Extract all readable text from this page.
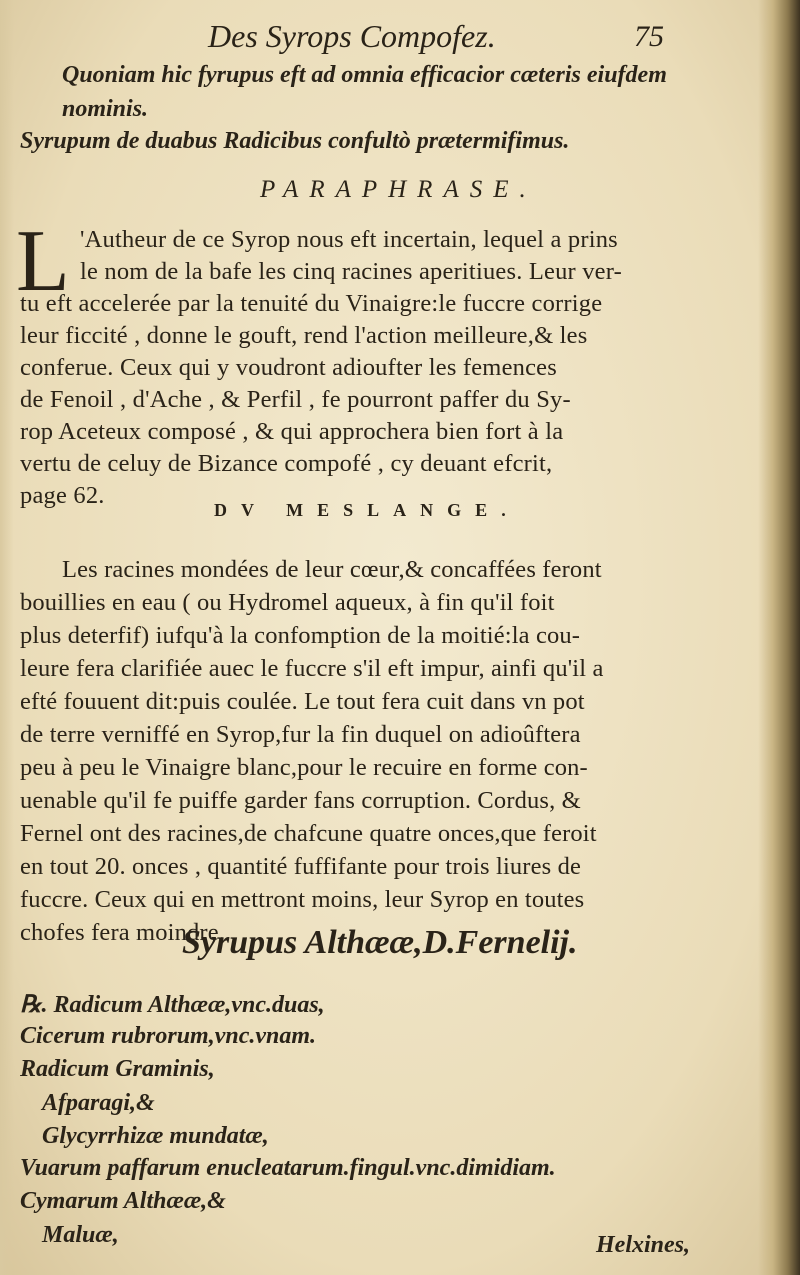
Des Syrops Compofez.	75
Quoniam hic fyrupus eft ad omnia efficacior cæteris eiufdem
nominis.
Syrupum de duabus Radicibus confultò prætermifimus.
PARAPHRASE.
L 'Autheur de ce Syrop nous eft incertain, lequel a prins
le nom de la bafe les cinq racines aperitiues. Leur ver-
tu eft accelerée par la tenuité du Vinaigre:le fuccre corrige
leur ficcité , donne le gouft, rend l'action meilleure,& les
conferue. Ceux qui y voudront adioufter les femences
de Fenoil , d'Ache , & Perfil , fe pourront paffer du Sy-
rop Aceteux composé , & qui approchera bien fort à la
vertu de celuy de Bizance compofé , cy deuant efcrit,
page 62.
DV MESLANGE.
Les racines mondées de leur cœur,& concaffées feront
bouillies en eau ( ou Hydromel aqueux, à fin qu'il foit
plus deterfif) iufqu'à la confomption de la moitié:la cou-
leure fera clarifiée auec le fuccre s'il eft impur, ainfi qu'il a
efté fouuent dit:puis coulée. Le tout fera cuit dans vn pot
de terre verniffé en Syrop,fur la fin duquel on adioûftera
peu à peu le Vinaigre blanc,pour le recuire en forme con-
uenable qu'il fe puiffe garder fans corruption. Cordus, &
Fernel ont des racines,de chafcune quatre onces,que feroit
en tout 20. onces , quantité fuffifante pour trois liures de
fuccre. Ceux qui en mettront moins, leur Syrop en toutes
chofes fera moindre.
Syrupus Althææ,D.Fernelij.
℞. Radicum Althææ,vnc.duas,
Cicerum rubrorum,vnc.vnam.
Radicum Graminis,
Afparagi,&
Glycyrrhizæ mundatæ,
Vuarum paffarum enucleatarum.fingul.vnc.dimidiam.
Cymarum Althææ,&
Maluæ,	Helxines,
